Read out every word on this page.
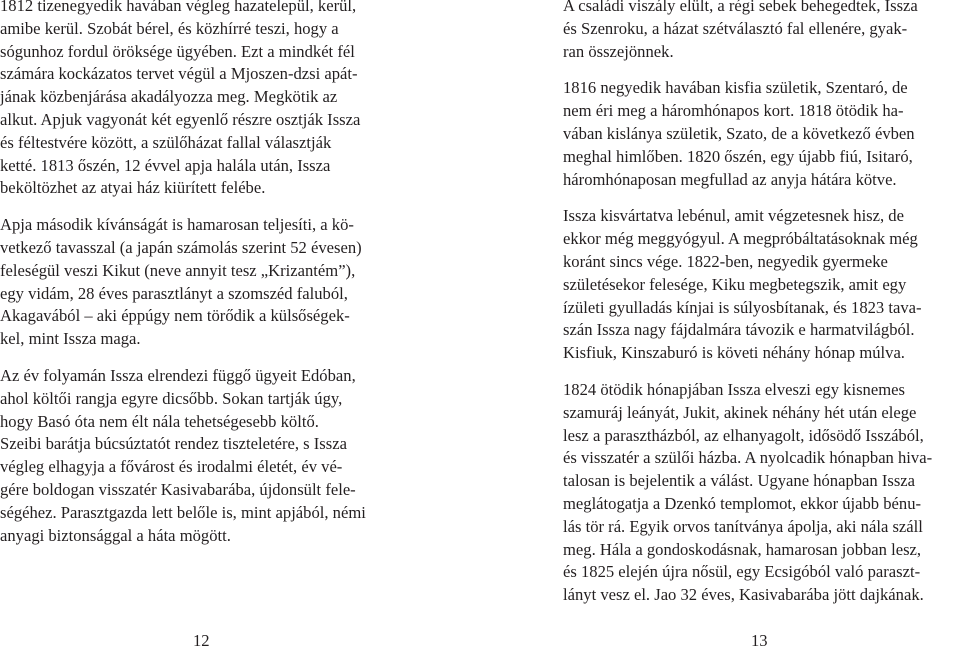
1812 tizenegyedik havában végleg hazatelepül, kerül,
amibe kerül. Szobát bérel, és közhírré teszi, hogy a
sógunhoz fordul öröksége ügyében. Ezt a mindkét fél
számára kockázatos tervet végül a Mjoszen-dzsi apát-
jának közbenjárása akadályozza meg. Megkötik az
alkut. Apjuk vagyonát két egyenlő részre osztják Issza
és féltestvére között, a szülőházat fallal választják
ketté. 1813 őszén, 12 évvel apja halála után, Issza
beköltözhet az atyai ház kiürített felébe.

Apja második kívánságát is hamarosan teljesíti, a kö-
vetkező tavasszal (a japán számolás szerint 52 évesen)
feleségül veszi Kikut (neve annyit tesz „Krizantém”),
egy vidám, 28 éves parasztlányt a szomszéd faluból,
Akagavából – aki éppúgy nem törődik a külsőségek-
kel, mint Issza maga.

Az év folyamán Issza elrendezi függő ügyeit Edóban,
ahol költői rangja egyre dicsőbb. Sokan tartják úgy,
hogy Basó óta nem élt nála tehetségesebb költő.
Szeibi barátja búcsúztatót rendez tiszteletére, s Issza
végleg elhagyja a fővárost és irodalmi életét, év vé-
gére boldogan visszatér Kasivabarába, újdonsült fele-
ségéhez. Parasztgazda lett belőle is, mint apjából, némi
anyagi biztonsággal a háta mögött.

12

A családi viszály elült, a régi sebek behegedtek, Issza
és Szenroku, a házat szétválasztó fal ellenére, gyak-
ran összejönnek.

1816 negyedik havában kisfia születik, Szentaró, de
nem éri meg a háromhónapos kort. 1818 ötödik ha-
vában kislánya születik, Szato, de a következő évben
meghal himlőben. 1820 őszén, egy újabb fiú, Isitaró,
háromhónaposan megfullad az anyja hátára kötve.

Issza kisvártatva lebénul, amit végzetesnek hisz, de
ekkor még meggyógyul. A megpróbáltatásoknak még
koránt sincs vége. 1822-ben, negyedik gyermeke
születésekor felesége, Kiku megbetegszik, amit egy
ízületi gyulladás kínjai is súlyosbítanak, és 1823 tava-
szán Issza nagy fájdalmára távozik e harmatvilágból.
Kisfiuk, Kinszaburó is követi néhány hónap múlva.

1824 ötödik hónapjában Issza elveszi egy kisnemes
szamuráj leányát, Jukit, akinek néhány hét után elege
lesz a parasztházból, az elhanyagolt, idősödő Isszából,
és visszatér a szülői házba. A nyolcadik hónapban hiva-
talosan is bejelentik a válást. Ugyane hónapban Issza
meglátogatja a Dzenkó templomot, ekkor újabb bénu-
lás tör rá. Egyik orvos tanítványa ápolja, aki nála száll
meg. Hála a gondoskodásnak, hamarosan jobban lesz,
és 1825 elején újra nősül, egy Ecsigóból való paraszt-
lányt vesz el. Jao 32 éves, Kasivabarába jött dajkának.

13
